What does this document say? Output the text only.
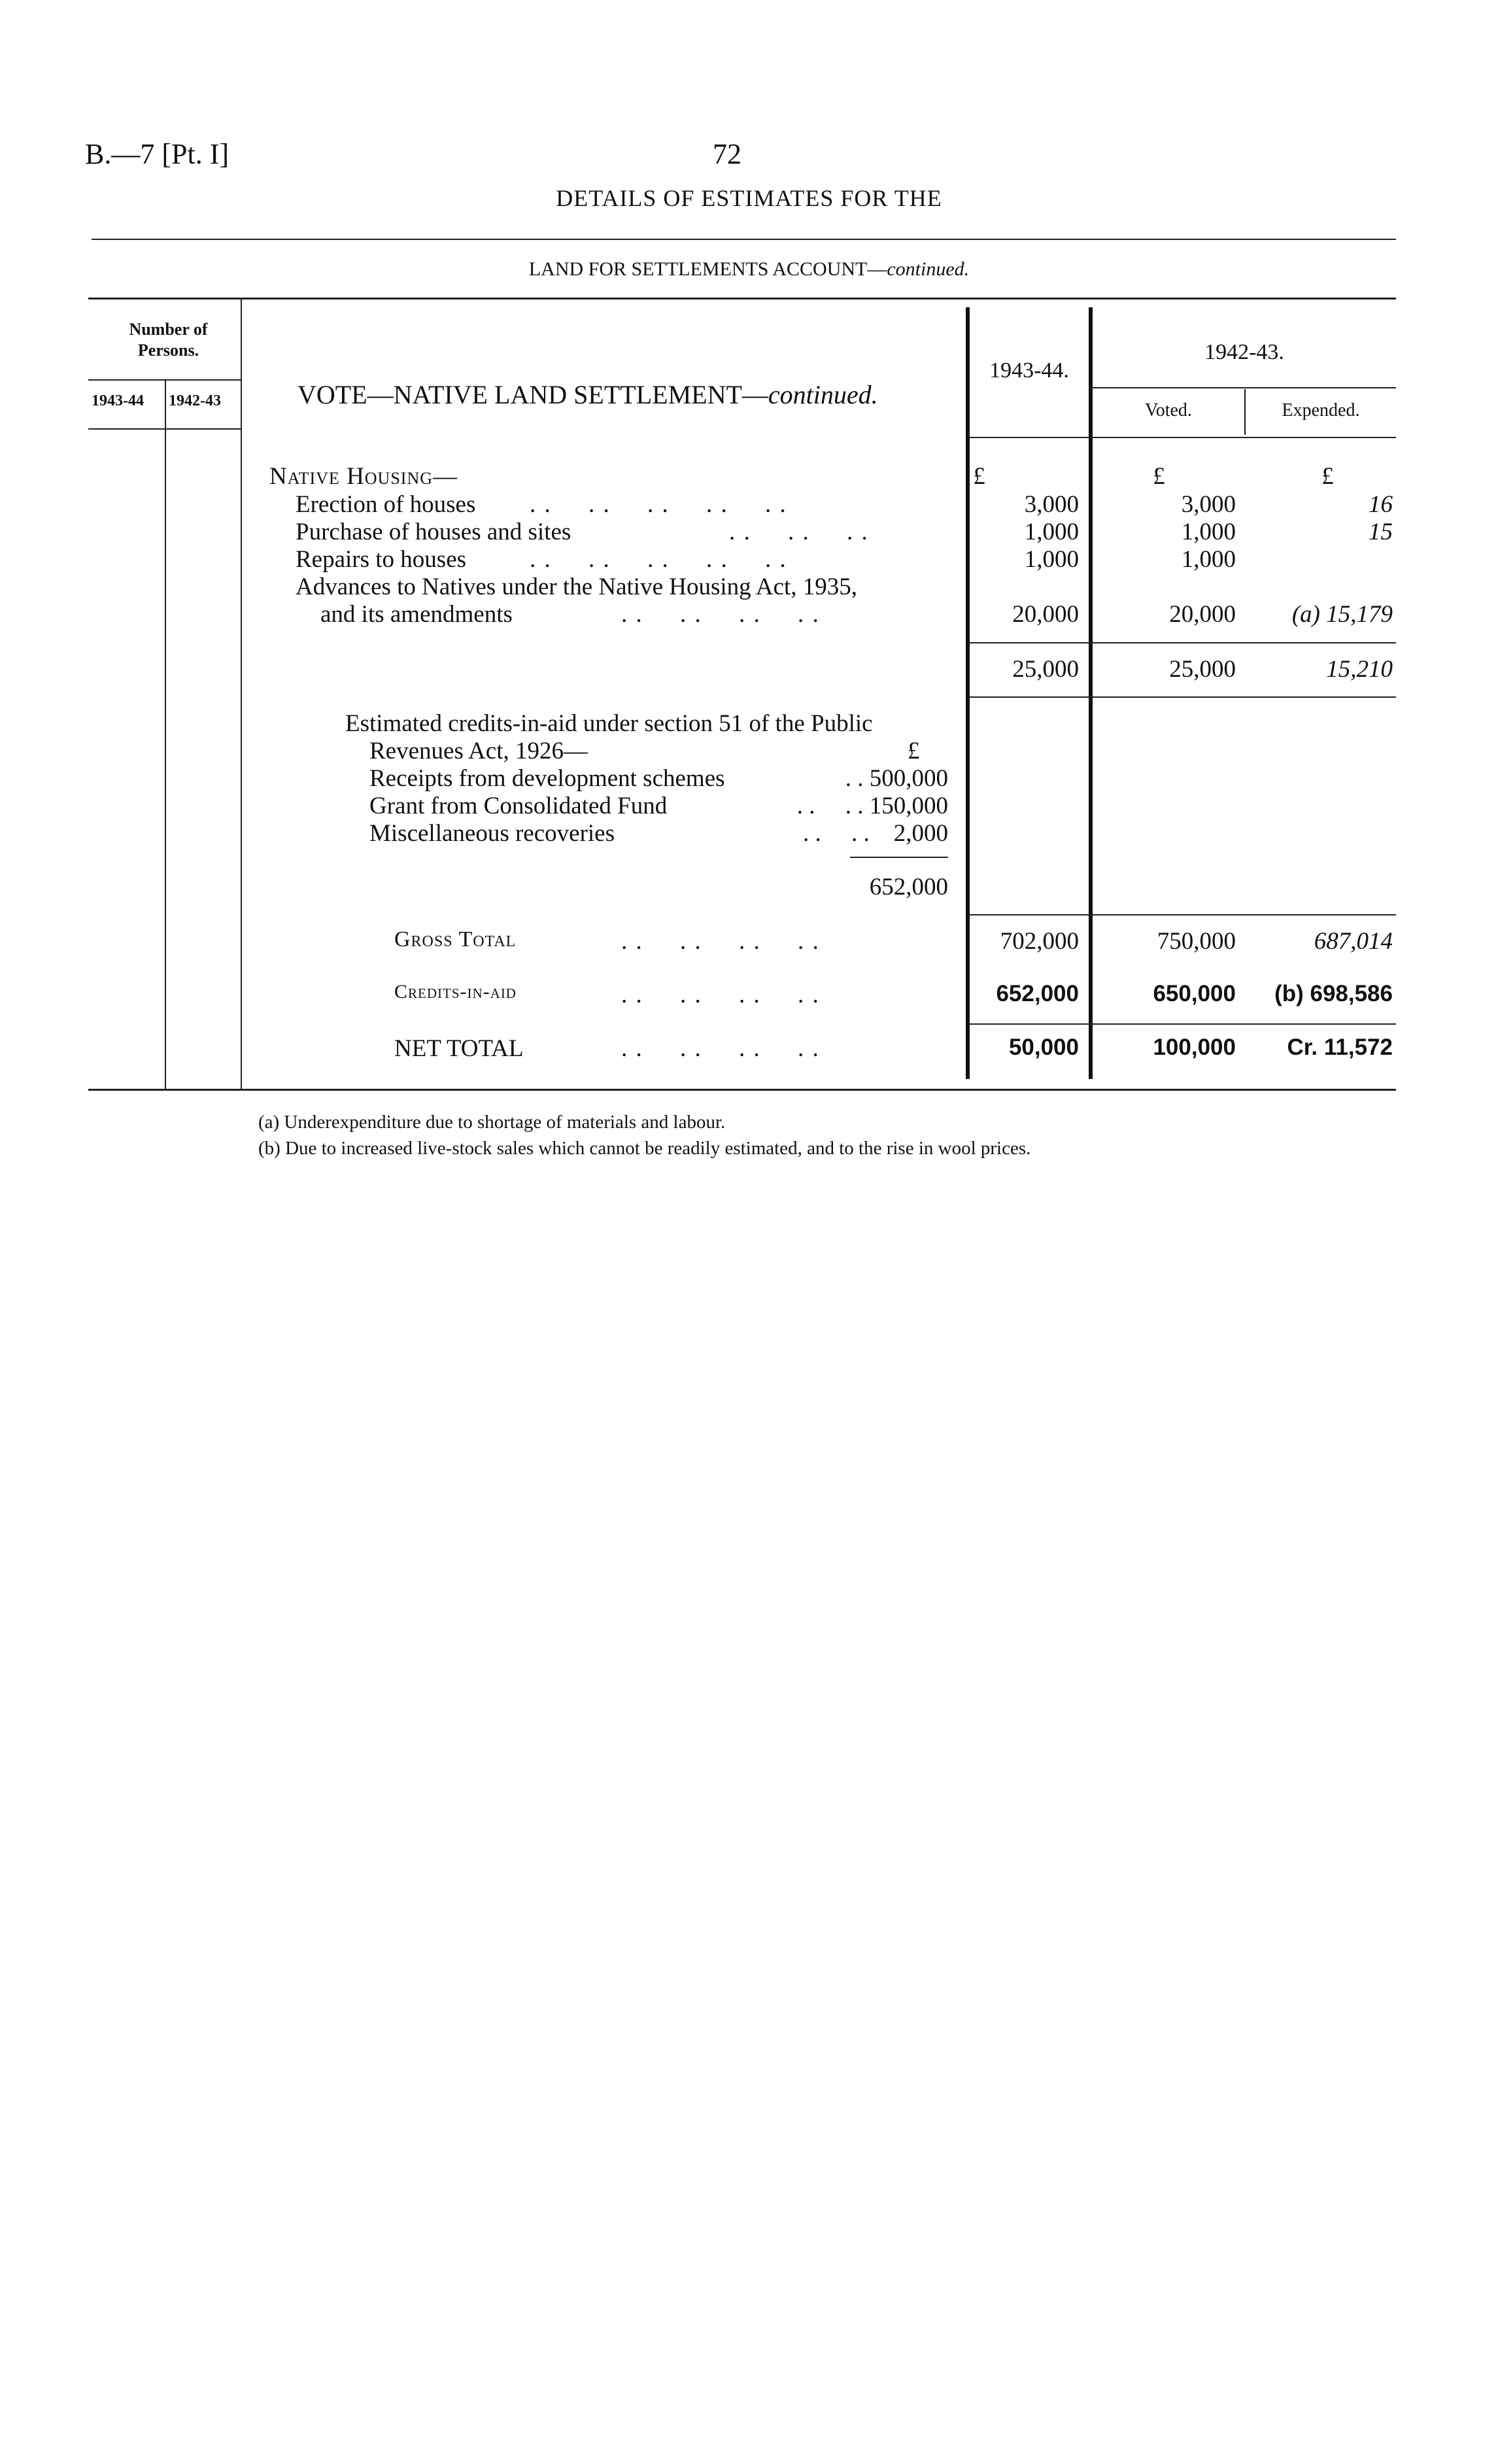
B.—7 [Pt. I]	72
DETAILS OF ESTIMATES FOR THE
LAND FOR SETTLEMENTS ACCOUNT—continued.
Number of Persons.
1943-44 1942-43	VOTE—NATIVE LAND SETTLEMENT—continued.
1943-44.
1942-43.
Voted.	Expended.
Native Housing—	£	£	£
Erection of houses . .     . .     . .     . .     . .	3,000	3,000	16
Purchase of houses and sites	. .     . .     . .	1,000	1,000	15
Repairs to houses	. .     . .     . .     . .     . .	1,000	1,000
Advances to Natives under the Native Housing Act, 1935,
and its amendments	. .     . .     . .     . .	20,000	20,000	(a) 15,179
25,000	25,000	15,210
Estimated credits-in-aid under section 51 of the Public
Revenues Act, 1926—	£
Receipts from development schemes	. . 500,000
Grant from Consolidated Fund	. .     . . 150,000
Miscellaneous recoveries	. .     . .    2,000
652,000
Gross Total	. .     . .     . .     . .	702,000	750,000	687,014
Credits-in-aid	. .     . .     . .     . .	652,000	650,000	(b) 698,586
NET TOTAL	. .     . .     . .     . .	50,000	100,000	Cr. 11,572
(a) Underexpenditure due to shortage of materials and labour.
(b) Due to increased live-stock sales which cannot be readily estimated, and to the rise in wool prices.
